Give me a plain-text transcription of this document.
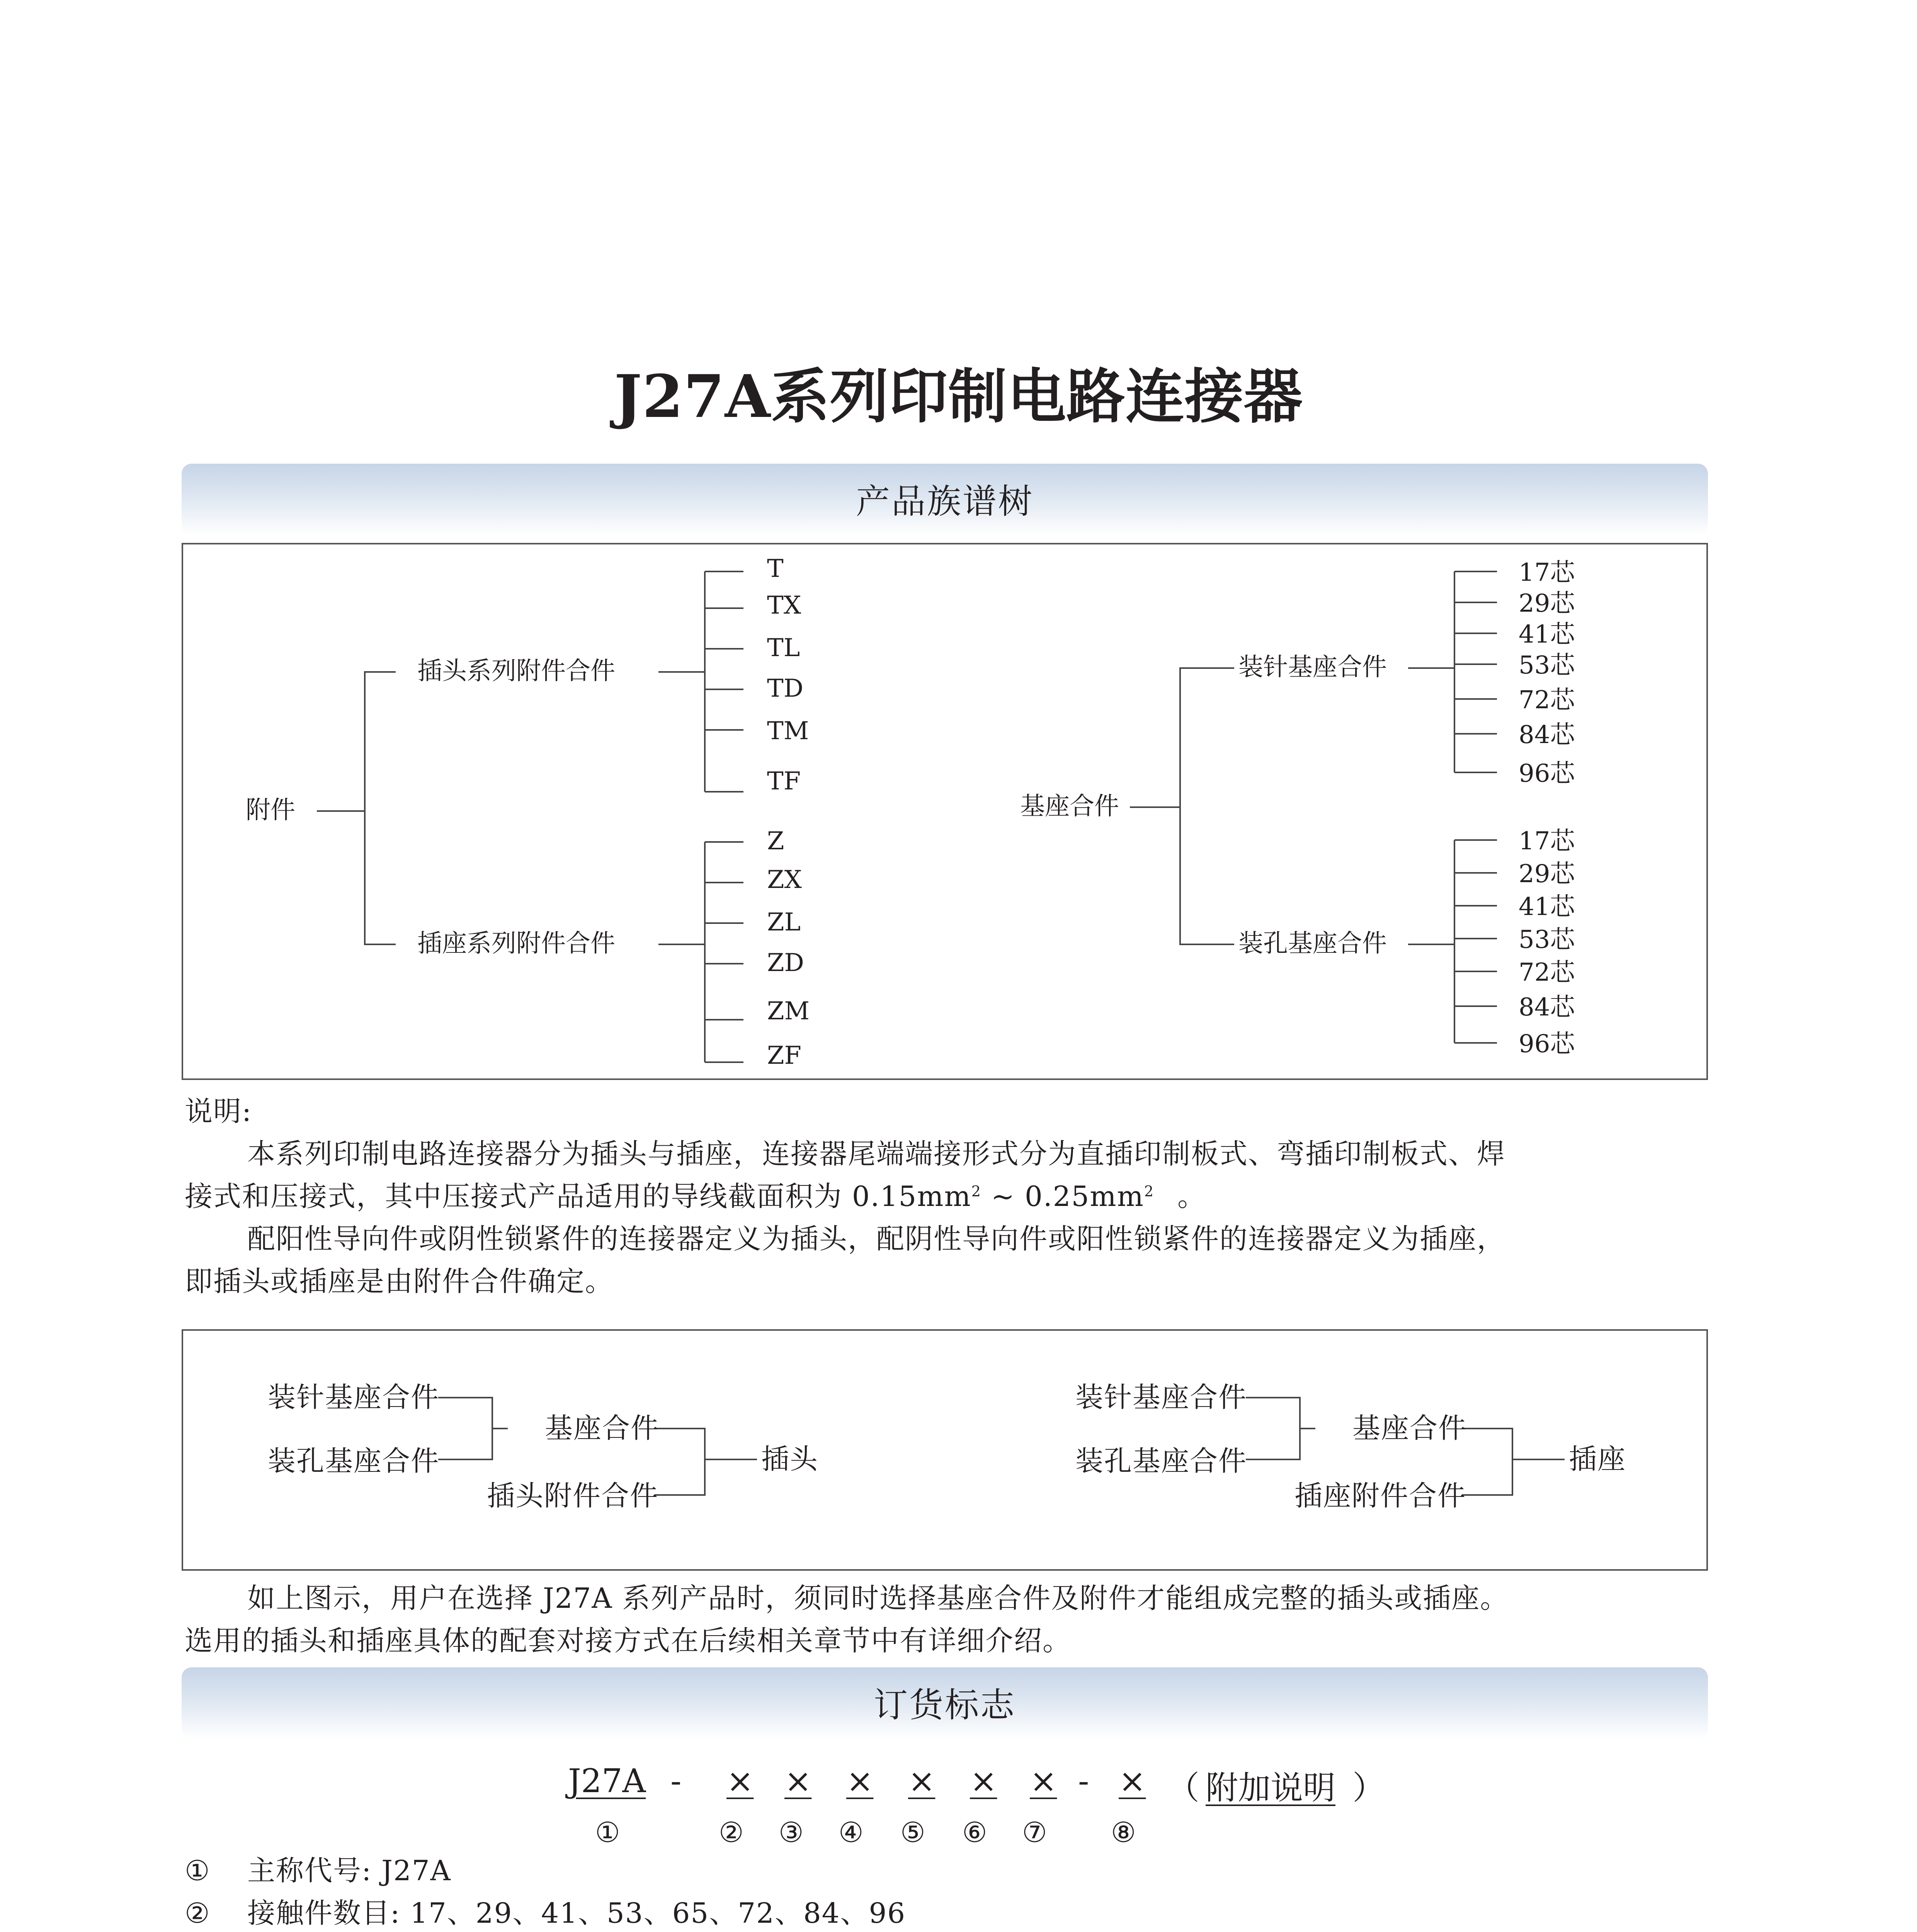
J27A系列印制电路连接器
产品族谱树
附件
插头系列附件合件
插座系列附件合件
T
TX
TL
TD
TM
TF
Z
ZX
ZL
ZD
ZM
ZF
基座合件
装针基座合件
装孔基座合件
17芯
29芯
41芯
53芯
72芯
84芯
96芯
17芯
29芯
41芯
53芯
72芯
84芯
96芯
说明:
本系列印制电路连接器分为插头与插座，连接器尾端端接形式分为直插印制板式、弯插印制板式、焊
接式和压接式，其中压接式产品适用的导线截面积为 $0.15mm^2$ ~ $0.25mm^2$ 。
配阳性导向件或阴性锁紧件的连接器定义为插头，配阴性导向件或阳性锁紧件的连接器定义为插座，
即插头或插座是由附件合件确定。
装针基座合件
装孔基座合件
基座合件
插头附件合件
插头
装针基座合件
装孔基座合件
基座合件
插座附件合件
插座
如上图示，用户在选择 J27A 系列产品时，须同时选择基座合件及附件才能组成完整的插头或插座。
选用的插头和插座具体的配套对接方式在后续相关章节中有详细介绍。
订货标志
J27A - × × × × × × - × （ 附加说明 ）
①	② ③ ④ ⑤ ⑥ ⑦ ⑧
① 主称代号: J27A
② 接触件数目: 17、29、41、53、65、72、84、96
